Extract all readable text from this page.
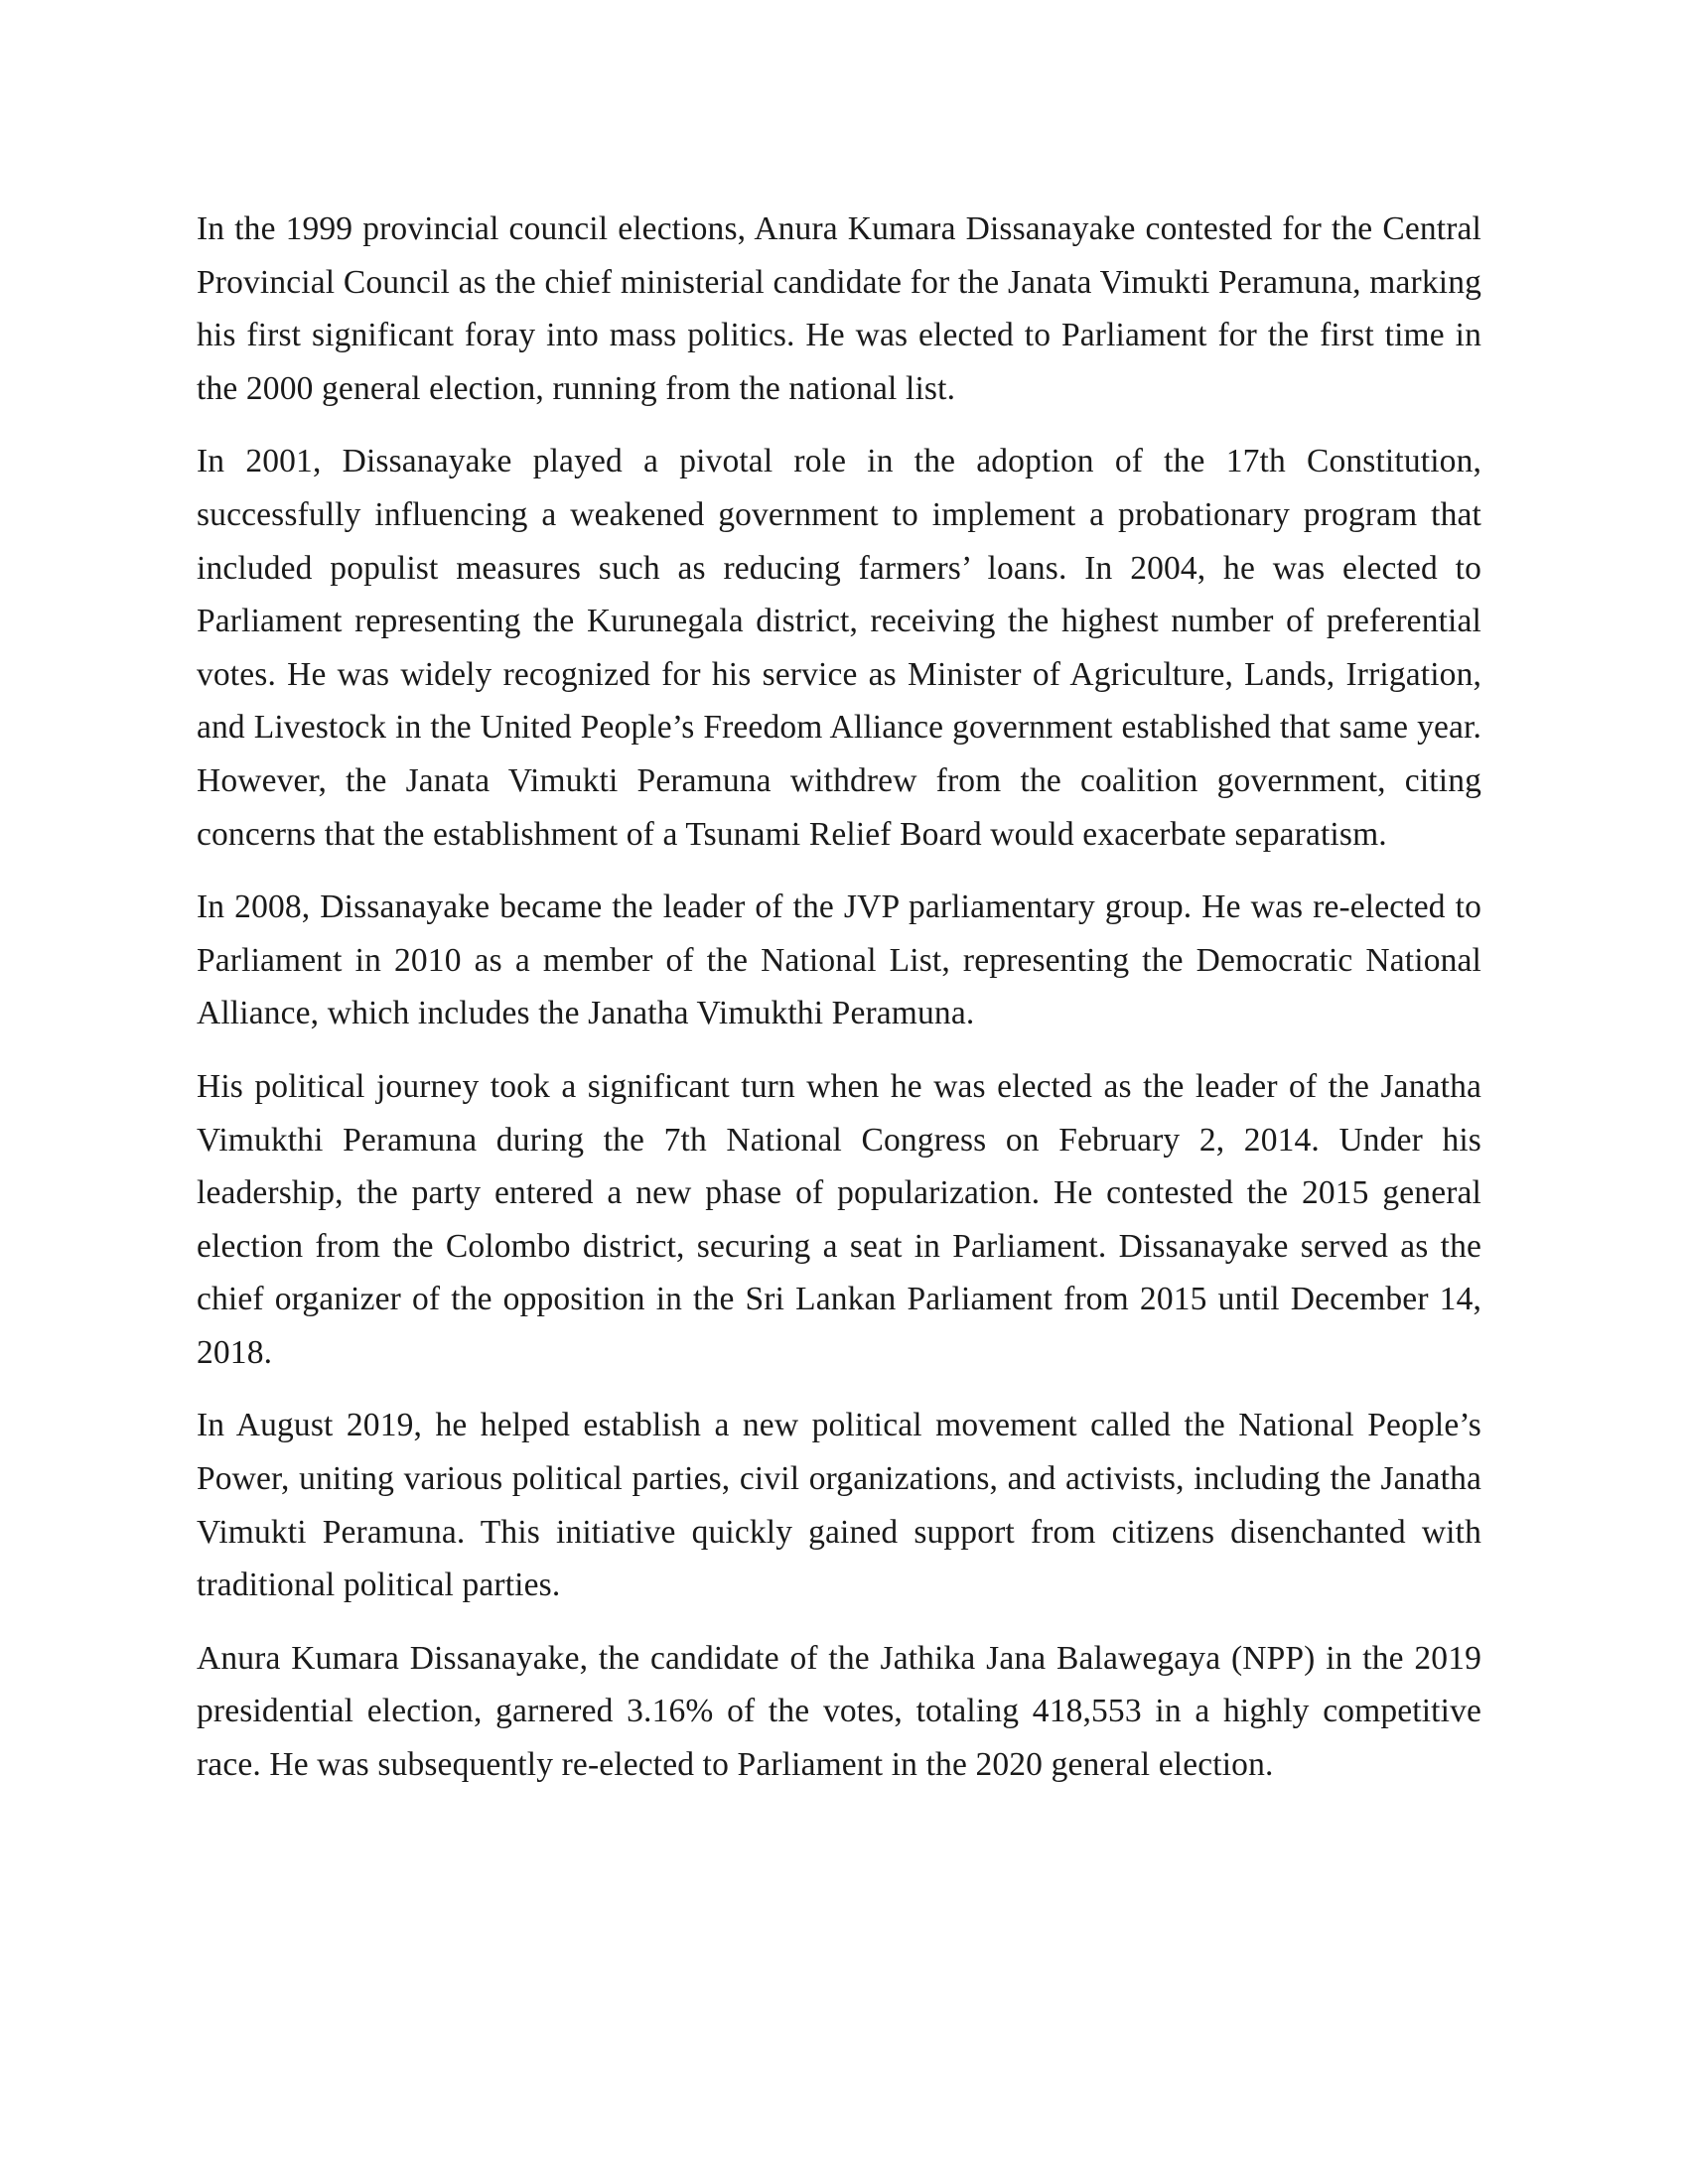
In the 1999 provincial council elections, Anura Kumara Dissanayake contested for the Central Provincial Council as the chief ministerial candidate for the Janata Vimukti Peramuna, marking his first significant foray into mass politics. He was elected to Parliament for the first time in the 2000 general election, running from the national list.

In 2001, Dissanayake played a pivotal role in the adoption of the 17th Constitution, successfully influencing a weakened government to implement a probationary program that included populist measures such as reducing farmers’ loans. In 2004, he was elected to Parliament representing the Kurunegala district, receiving the highest number of preferential votes. He was widely recognized for his service as Minister of Agriculture, Lands, Irrigation, and Livestock in the United People’s Freedom Alliance government established that same year. However, the Janata Vimukti Peramuna withdrew from the coalition government, citing concerns that the establishment of a Tsunami Relief Board would exacerbate separatism.

In 2008, Dissanayake became the leader of the JVP parliamentary group. He was re-elected to Parliament in 2010 as a member of the National List, representing the Democratic National Alliance, which includes the Janatha Vimukthi Peramuna.

His political journey took a significant turn when he was elected as the leader of the Janatha Vimukthi Peramuna during the 7th National Congress on February 2, 2014. Under his leadership, the party entered a new phase of popularization. He contested the 2015 general election from the Colombo district, securing a seat in Parliament. Dissanayake served as the chief organizer of the opposition in the Sri Lankan Parliament from 2015 until December 14, 2018.

In August 2019, he helped establish a new political movement called the National People’s Power, uniting various political parties, civil organizations, and activists, including the Janatha Vimukti Peramuna. This initiative quickly gained support from citizens disenchanted with traditional political parties.

Anura Kumara Dissanayake, the candidate of the Jathika Jana Balawegaya (NPP) in the 2019 presidential election, garnered 3.16% of the votes, totaling 418,553 in a highly competitive race. He was subsequently re-elected to Parliament in the 2020 general election.
